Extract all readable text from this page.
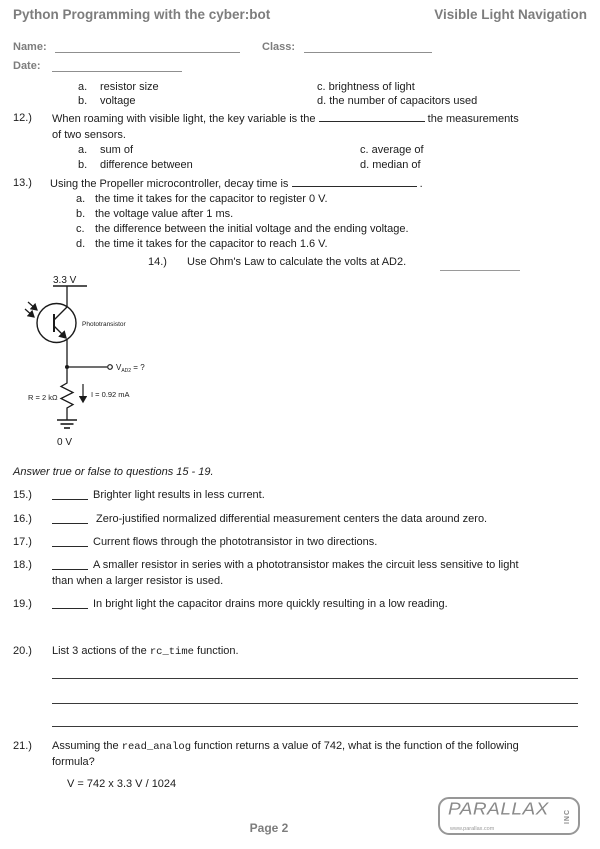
Python Programming with the cyber:bot	Visible Light Navigation
Name:	Class:
Date:
a. resistor size	c. brightness of light
b. voltage	d. the number of capacitors used
12.) When roaming with visible light, the key variable is the	the measurements
of two sensors.
a. sum of	c. average of
b. difference between	d. median of
13.) Using the Propeller microcontroller, decay time is	.
a. the time it takes for the capacitor to register 0 V.
b. the voltage value after 1 ms.
c. the difference between the initial voltage and the ending voltage.
d. the time it takes for the capacitor to reach 1.6 V.
14.) Use Ohm's Law to calculate the volts at AD2.
3.3 V
Phototransistor
$V_{AD2}$ = ?
R = 2 kΩ	I = 0.92 mA
0 V
Answer true or false to questions 15 - 19.
15.)	Brighter light results in less current.
16.)	Zero-justified normalized differential measurement centers the data around zero.
17.)	Current flows through the phototransistor in two directions.
18.)	A smaller resistor in series with a phototransistor makes the circuit less sensitive to light
than when a larger resistor is used.
19.)	In bright light the capacitor drains more quickly resulting in a low reading.
20.) List 3 actions of the rc_time function.
21.) Assuming the read_analog function returns a value of 742, what is the function of the following
formula?
V = 742 x 3.3 V / 1024
Page 2
PARALLAX	INC
www.parallax.com
